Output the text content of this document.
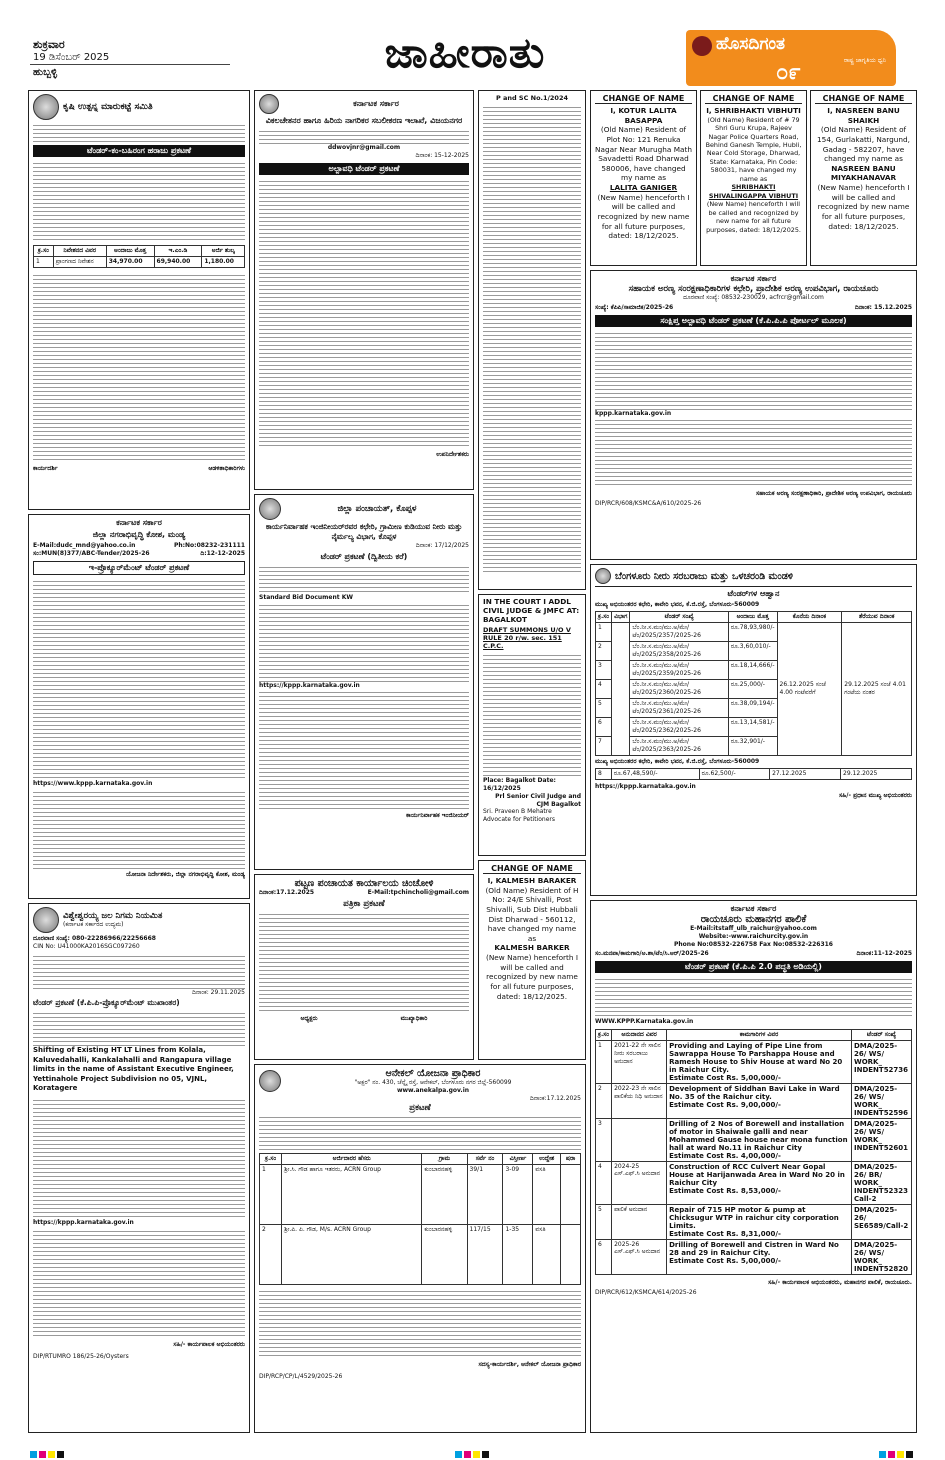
ಶುಕ್ರವಾರ
19 ಡಿಸೆಂಬರ್ 2025
ಹುಬ್ಬಳ್ಳಿ	ಜಾಹೀರಾತು	ಹೊಸದಿಗಂತ
ರಾಷ್ಟ್ರ ಜಾಗೃತಿಯ ಧ್ವನಿ
೦೯
ಕೃಷಿ ಉತ್ಪನ್ನ ಮಾರುಕಟ್ಟೆ ಸಮಿತಿ
ಟೆಂಡರ್-ಕಂ-ಬಹಿರಂಗ ಹರಾಜು ಪ್ರಕಟಣೆ
ಕ್ರ.ಸಂ	ನಿವೇಶನದ ವಿವರ	ಅಂದಾಜು ಮೊತ್ತ	ಇ.ಎಂ.ಡಿ	ಅರ್ಜಿ ಶುಲ್ಕ
1	ಪ್ರಾಂಗಣದ ನಿವೇಶನ	34,970.00	69,940.00	1,180.00
ಕಾರ್ಯದರ್ಶಿ	ಆಡಳಿತಾಧಿಕಾರಿಗಳು
ಕರ್ನಾಟಕ ಸರ್ಕಾರ
ಜಿಲ್ಲಾ ನಗರಾಭಿವೃದ್ಧಿ ಕೋಶ, ಮಂಡ್ಯ
E-Mail:dudc_mnd@yahoo.co.in	Ph:No:08232-231111
ಸಂ:MUN(8)377/ABC-Tender/2025-26	ದಿ:12-12-2025
ಇ-ಪ್ರೊಕ್ಯೂರ್‌ಮೆಂಟ್ ಟೆಂಡರ್ ಪ್ರಕಟಣೆ
https://www.kppp.karnataka.gov.in
ಯೋಜನಾ ನಿರ್ದೇಶಕರು, ಜಿಲ್ಲಾ ನಗರಾಭಿವೃದ್ಧಿ ಕೋಶ, ಮಂಡ್ಯ
ವಿಶ್ವೇಶ್ವರಯ್ಯ ಜಲ ನಿಗಮ ನಿಯಮಿತ
(ಕರ್ನಾಟಕ ಸರ್ಕಾರದ ಉದ್ಯಮ)
ದೂರವಾಣಿ ಸಂಖ್ಯೆ: 080-22286966/22256668
CIN No: U41000KA2016SGC097260
ದಿನಾಂಕ: 29.11.2025
ಟೆಂಡರ್ ಪ್ರಕಟಣೆ (ಕೆ.ಪಿ.ಪಿ-ಪ್ರೊಕ್ಯೂರ್‌ಮೆಂಟ್ ಮುಖಾಂತರ)
Shifting of Existing HT LT Lines from Kolala, Kaluvedahalli, Kankalahalli and Rangapura village limits in the name of Assistant Executive Engineer, Yettinahole Project Subdivision no 05, VJNL, Koratagere
https://kppp.karnataka.gov.in
ಸಹಿ/- ಕಾರ್ಯಪಾಲಕ ಅಭಿಯಂತರರು
DIP/RTUMRO 186/25-26/Oysters
ಕರ್ನಾಟಕ ಸರ್ಕಾರ
ವಿಕಲಚೇತನರ ಹಾಗೂ ಹಿರಿಯ ನಾಗರಿಕರ ಸಬಲೀಕರಣ ಇಲಾಖೆ, ವಿಜಯನಗರ
ddwovjnr@gmail.com
ದಿನಾಂಕ: 15-12-2025
ಅಲ್ಪಾವಧಿ ಟೆಂಡರ್ ಪ್ರಕಟಣೆ
ಉಪನಿರ್ದೇಶಕರು
ಜಿಲ್ಲಾ ಪಂಚಾಯತ್, ಕೊಪ್ಪಳ
ಕಾರ್ಯನಿರ್ವಾಹಕ ಇಂಜಿನೀಯರ್‌ರವರ ಕಛೇರಿ, ಗ್ರಾಮೀಣ ಕುಡಿಯುವ ನೀರು ಮತ್ತು ನೈರ್ಮಲ್ಯ ವಿಭಾಗ, ಕೊಪ್ಪಳ
ದಿನಾಂಕ: 17/12/2025
ಟೆಂಡರ್ ಪ್ರಕಟಣೆ (ದ್ವಿತೀಯ ಕರೆ)
Standard Bid Document KW
https://kppp.karnataka.gov.in
ಕಾರ್ಯನಿರ್ವಾಹಕ ಇಂಜಿನೀಯರ್
ಪಟ್ಟಣ ಪಂಚಾಯತ ಕಾರ್ಯಾಲಯ ಚಿಂಚೋಳಿ
ದಿನಾಂಕ:17.12.2025	E-Mail:tpchincholi@gmail.com
ಪತ್ರಿಕಾ ಪ್ರಕಟಣೆ
ಅಧ್ಯಕ್ಷರು	ಮುಖ್ಯಾಧಿಕಾರಿ
ಆನೇಕಲ್ ಯೋಜನಾ ಪ್ರಾಧಿಕಾರ
"ಅಕ್ಷರ" ನಂ. 430, ಚೆನ್ನೈ ರಸ್ತೆ, ಆನೇಕಲ್, ಬೆಂಗಳೂರು ನಗರ ಜಿಲ್ಲೆ-560099
www.anekalpa.gov.in
ದಿನಾಂಕ:17.12.2025
ಪ್ರಕಟಣೆ
ಕ್ರ.ಸಂ	ಅರ್ಜಿದಾರರ ಹೆಸರು	ಗ್ರಾಮ	ಸರ್ವೆ ನಂ	ವಿಸ್ತೀರ್ಣ	ಉದ್ದೇಶ	ಷರಾ
1	ಶ್ರೀ.ಸಿ. ಗೌಡ ಹಾಗೂ ಇತರರು, ACRN Group	ಕುಂಬಾರನಹಳ್ಳಿ	39/1	3-09	ವಸತಿ	
2	ಶ್ರೀ.ಪಿ. ಪಿ. ಗೌಡ, M/s. ACRN Group	ಕುಂಬಾರನಹಳ್ಳಿ	117/15	1-35	ವಸತಿ	
ಸದಸ್ಯ-ಕಾರ್ಯದರ್ಶಿ, ಆನೇಕಲ್ ಯೋಜನಾ ಪ್ರಾಧಿಕಾರ
DIP/RCP/CP/L/4529/2025-26
P and SC No.1/2024
IN THE COURT I ADDL CIVIL JUDGE & JMFC AT: BAGALKOT
DRAFT SUMMONS U/O V RULE 20 r/w. sec. 151 C.P.C.
Place: Bagalkot Date: 16/12/2025
Prl Senior Civil Judge and CJM Bagalkot
Sri. Praveen B Mehatre Advocate for Petitioners
CHANGE OF NAME

I, KALMESH BARAKER

(Old Name) Resident of H No: 24/E Shivalli, Post Shivalli, Sub Dist Hubbali Dist Dharwad - 560112, have changed my name as

KALMESH BARKER

(New Name) henceforth I will be called and recognized by new name for all future purposes, dated: 18/12/2025.

CHANGE OF NAME

I, KOTUR LALITA BASAPPA

(Old Name) Resident of Plot No: 121 Renuka Nagar Near Murugha Math Savadetti Road Dharwad 580006, have changed my name as

LALITA GANIGER

(New Name) henceforth I will be called and recognized by new name for all future purposes, dated: 18/12/2025.

CHANGE OF NAME

I, SHRIBHAKTI VIBHUTI

(Old Name) Resident of # 79 Shri Guru Krupa, Rajeev Nagar Police Quarters Road, Behind Ganesh Temple, Hubli, Near Cold Storage, Dharwad, State: Karnataka, Pin Code: 580031, have changed my name as

SHRIBHAKTI SHIVALINGAPPA VIBHUTI

(New Name) henceforth I will be called and recognized by new name for all future purposes, dated: 18/12/2025.

CHANGE OF NAME

I, NASREEN BANU SHAIKH

(Old Name) Resident of 154, Gurlakatti, Nargund, Gadag - 582207, have changed my name as

NASREEN BANU MIYAKHANAVAR

(New Name) henceforth I will be called and recognized by new name for all future purposes, dated: 18/12/2025.

ಕರ್ನಾಟಕ ಸರ್ಕಾರ
ಸಹಾಯಕ ಅರಣ್ಯ ಸಂರಕ್ಷಣಾಧಿಕಾರಿಗಳ ಕಛೇರಿ, ಪ್ರಾದೇಶಿಕ ಅರಣ್ಯ ಉಪವಿಭಾಗ, ರಾಯಚೂರು
ದೂರವಾಣಿ ಸಂಖ್ಯೆ: 08532-230029, acfrcr@gmail.com
ಸಂಖ್ಯೆ: ಕೆಪಿಪಿ/ಸಾಮಾಜಿಕ/2025-26	ದಿನಾಂಕ: 15.12.2025
ಸಂಕ್ಷಿಪ್ತ ಅಲ್ಪಾವಧಿ ಟೆಂಡರ್ ಪ್ರಕಟಣೆ (ಕೆ.ಪಿ.ಪಿ.ಪಿ ಪೋರ್ಟಲ್ ಮೂಲಕ)
kppp.karnataka.gov.in
ಸಹಾಯಕ ಅರಣ್ಯ ಸಂರಕ್ಷಣಾಧಿಕಾರಿ, ಪ್ರಾದೇಶಿಕ ಅರಣ್ಯ ಉಪವಿಭಾಗ, ರಾಯಚೂರು
DIP/RCR/608/KSMC&A/610/2025-26
ಬೆಂಗಳೂರು ನೀರು ಸರಬರಾಜು ಮತ್ತು ಒಳಚರಂಡಿ ಮಂಡಳಿ
ಟೆಂಡರ್‌ಗಳ ಆಹ್ವಾನ
ಮುಖ್ಯ ಅಭಿಯಂತರರ ಕಛೇರಿ, ಕಾವೇರಿ ಭವನ, ಕೆ.ಜಿ.ರಸ್ತೆ, ಬೆಂಗಳೂರು-560009
ಕ್ರ.ಸಂ	ವಿಭಾಗ	ಟೆಂಡರ್ ಸಂಖ್ಯೆ	ಅಂದಾಜು ಮೊತ್ತ	ಕೊನೆಯ ದಿನಾಂಕ	ತೆರೆಯುವ ದಿನಾಂಕ
1		ಬೆಂ.ನೀ.ಸ.ಮಂ/ಮು.ಅ/ಮೇ/ಟೆಂ/2025/2357/2025-26	ರೂ.78,93,980/-	26.12.2025 ಸಂಜೆ 4.00 ಗಂಟೆವರೆಗೆ	29.12.2025 ಸಂಜೆ 4.01 ಗಂಟೆಯ ನಂತರ
2		ಬೆಂ.ನೀ.ಸ.ಮಂ/ಮು.ಅ/ಮೇ/ಟೆಂ/2025/2358/2025-26	ರೂ.3,60,010/-		
3		ಬೆಂ.ನೀ.ಸ.ಮಂ/ಮು.ಅ/ಮೇ/ಟೆಂ/2025/2359/2025-26	ರೂ.18,14,666/-		
4		ಬೆಂ.ನೀ.ಸ.ಮಂ/ಮು.ಅ/ಮೇ/ಟೆಂ/2025/2360/2025-26	ರೂ.25,000/-		
5		ಬೆಂ.ನೀ.ಸ.ಮಂ/ಮು.ಅ/ಮೇ/ಟೆಂ/2025/2361/2025-26	ರೂ.38,09,194/-		
6		ಬೆಂ.ನೀ.ಸ.ಮಂ/ಮು.ಅ/ಮೇ/ಟೆಂ/2025/2362/2025-26	ರೂ.13,14,581/-		
7		ಬೆಂ.ನೀ.ಸ.ಮಂ/ಮು.ಅ/ಮೇ/ಟೆಂ/2025/2363/2025-26	ರೂ.32,901/-		
ಮುಖ್ಯ ಅಭಿಯಂತರರ ಕಛೇರಿ, ಕಾವೇರಿ ಭವನ, ಕೆ.ಜಿ.ರಸ್ತೆ, ಬೆಂಗಳೂರು-560009
8	ರೂ.67,48,590/-	ರೂ.62,500/-	27.12.2025	29.12.2025
https://kppp.karnataka.gov.in
ಸಹಿ/- ಪ್ರಧಾನ ಮುಖ್ಯ ಅಭಿಯಂತರರು
ಕರ್ನಾಟಕ ಸರ್ಕಾರ
ರಾಯಚೂರು ಮಹಾನಗರ ಪಾಲಿಕೆ
E-Mail:itstaff_ulb_raichur@yahoo.com
Website:-www.raichurcity.gov.in
Phone No:08532-226758 Fax No:08532-226316
ಸಂ.ಮನಪಾ/ಕಾಮಗಾರಿ/ಅ.ಶಾ/ಟೆಂ/ಸಿ.ಆರ್/2025-26	ದಿನಾಂಕ:11-12-2025
ಟೆಂಡರ್ ಪ್ರಕಟಣೆ (ಕೆ.ಪಿ.ಪಿ 2.0 ಪದ್ಧತಿ ಅಡಿಯಲ್ಲಿ)
WWW.KPPP.Karnataka.gov.in
ಕ್ರ.ಸಂ	ಅನುದಾನದ ವಿವರ	ಕಾಮಗಾರಿಗಳ ವಿವರ	ಟೆಂಡರ್ ಸಂಖ್ಯೆ
1	2021-22 ನೇ ಸಾಲಿನ ನೀರು ಸರಬರಾಜು ಅನುದಾನ	Providing and Laying of Pipe Line from Sawrappa House To Parshappa House and Ramesh House to Shiv House at ward No 20 in Raichur City.
Estimate Cost Rs. 5,00,000/-	DMA/2025-26/ WS/ WORK_ INDENT52736
2	2022-23 ನೇ ಸಾಲಿನ ಪಾಲಿಕೆಯ ನಿಧಿ ಅನುದಾನ	Development of Siddhan Bavi Lake in Ward No. 35 of the Raichur city.
Estimate Cost Rs. 9,00,000/-	DMA/2025-26/ WS/ WORK_ INDENT52596
3		Drilling of 2 Nos of Borewell and installation of motor in Shaiwale galli and near Mohammed Gause house near mona function hall at ward No.11 in Raichur City
Estimate Cost Rs. 4,00,000/-	DMA/2025-26/ WS/ WORK_ INDENT52601
4	2024-25 ಎಸ್.ಎಫ್.ಸಿ ಅನುದಾನ	Construction of RCC Culvert Near Gopal House at Harijanwada Area in Ward No 20 in Raichur City
Estimate Cost Rs. 8,53,000/-	DMA/2025-26/ BR/ WORK_ INDENT52323 Call-2
5	ಪಾಲಿಕೆ ಅನುದಾನ	Repair of 715 HP motor & pump at Chicksugur WTP in raichur city corporation Limits.
Estimate Cost Rs. 8,31,000/-	DMA/2025-26/ SE6589/Call-2
6	2025-26 ಎಸ್.ಎಫ್.ಸಿ ಅನುದಾನ	Drilling of Borewell and Cistren in Ward No 28 and 29 in Raichur City.
Estimate Cost Rs. 5,00,000/-	DMA/2025-26/ WS/ WORK_ INDENT52820
ಸಹಿ/- ಕಾರ್ಯಪಾಲಕ ಅಭಿಯಂತರರು, ಮಹಾನಗರ ಪಾಲಿಕೆ, ರಾಯಚೂರು.
DIP/RCR/612/KSMCA/614/2025-26
